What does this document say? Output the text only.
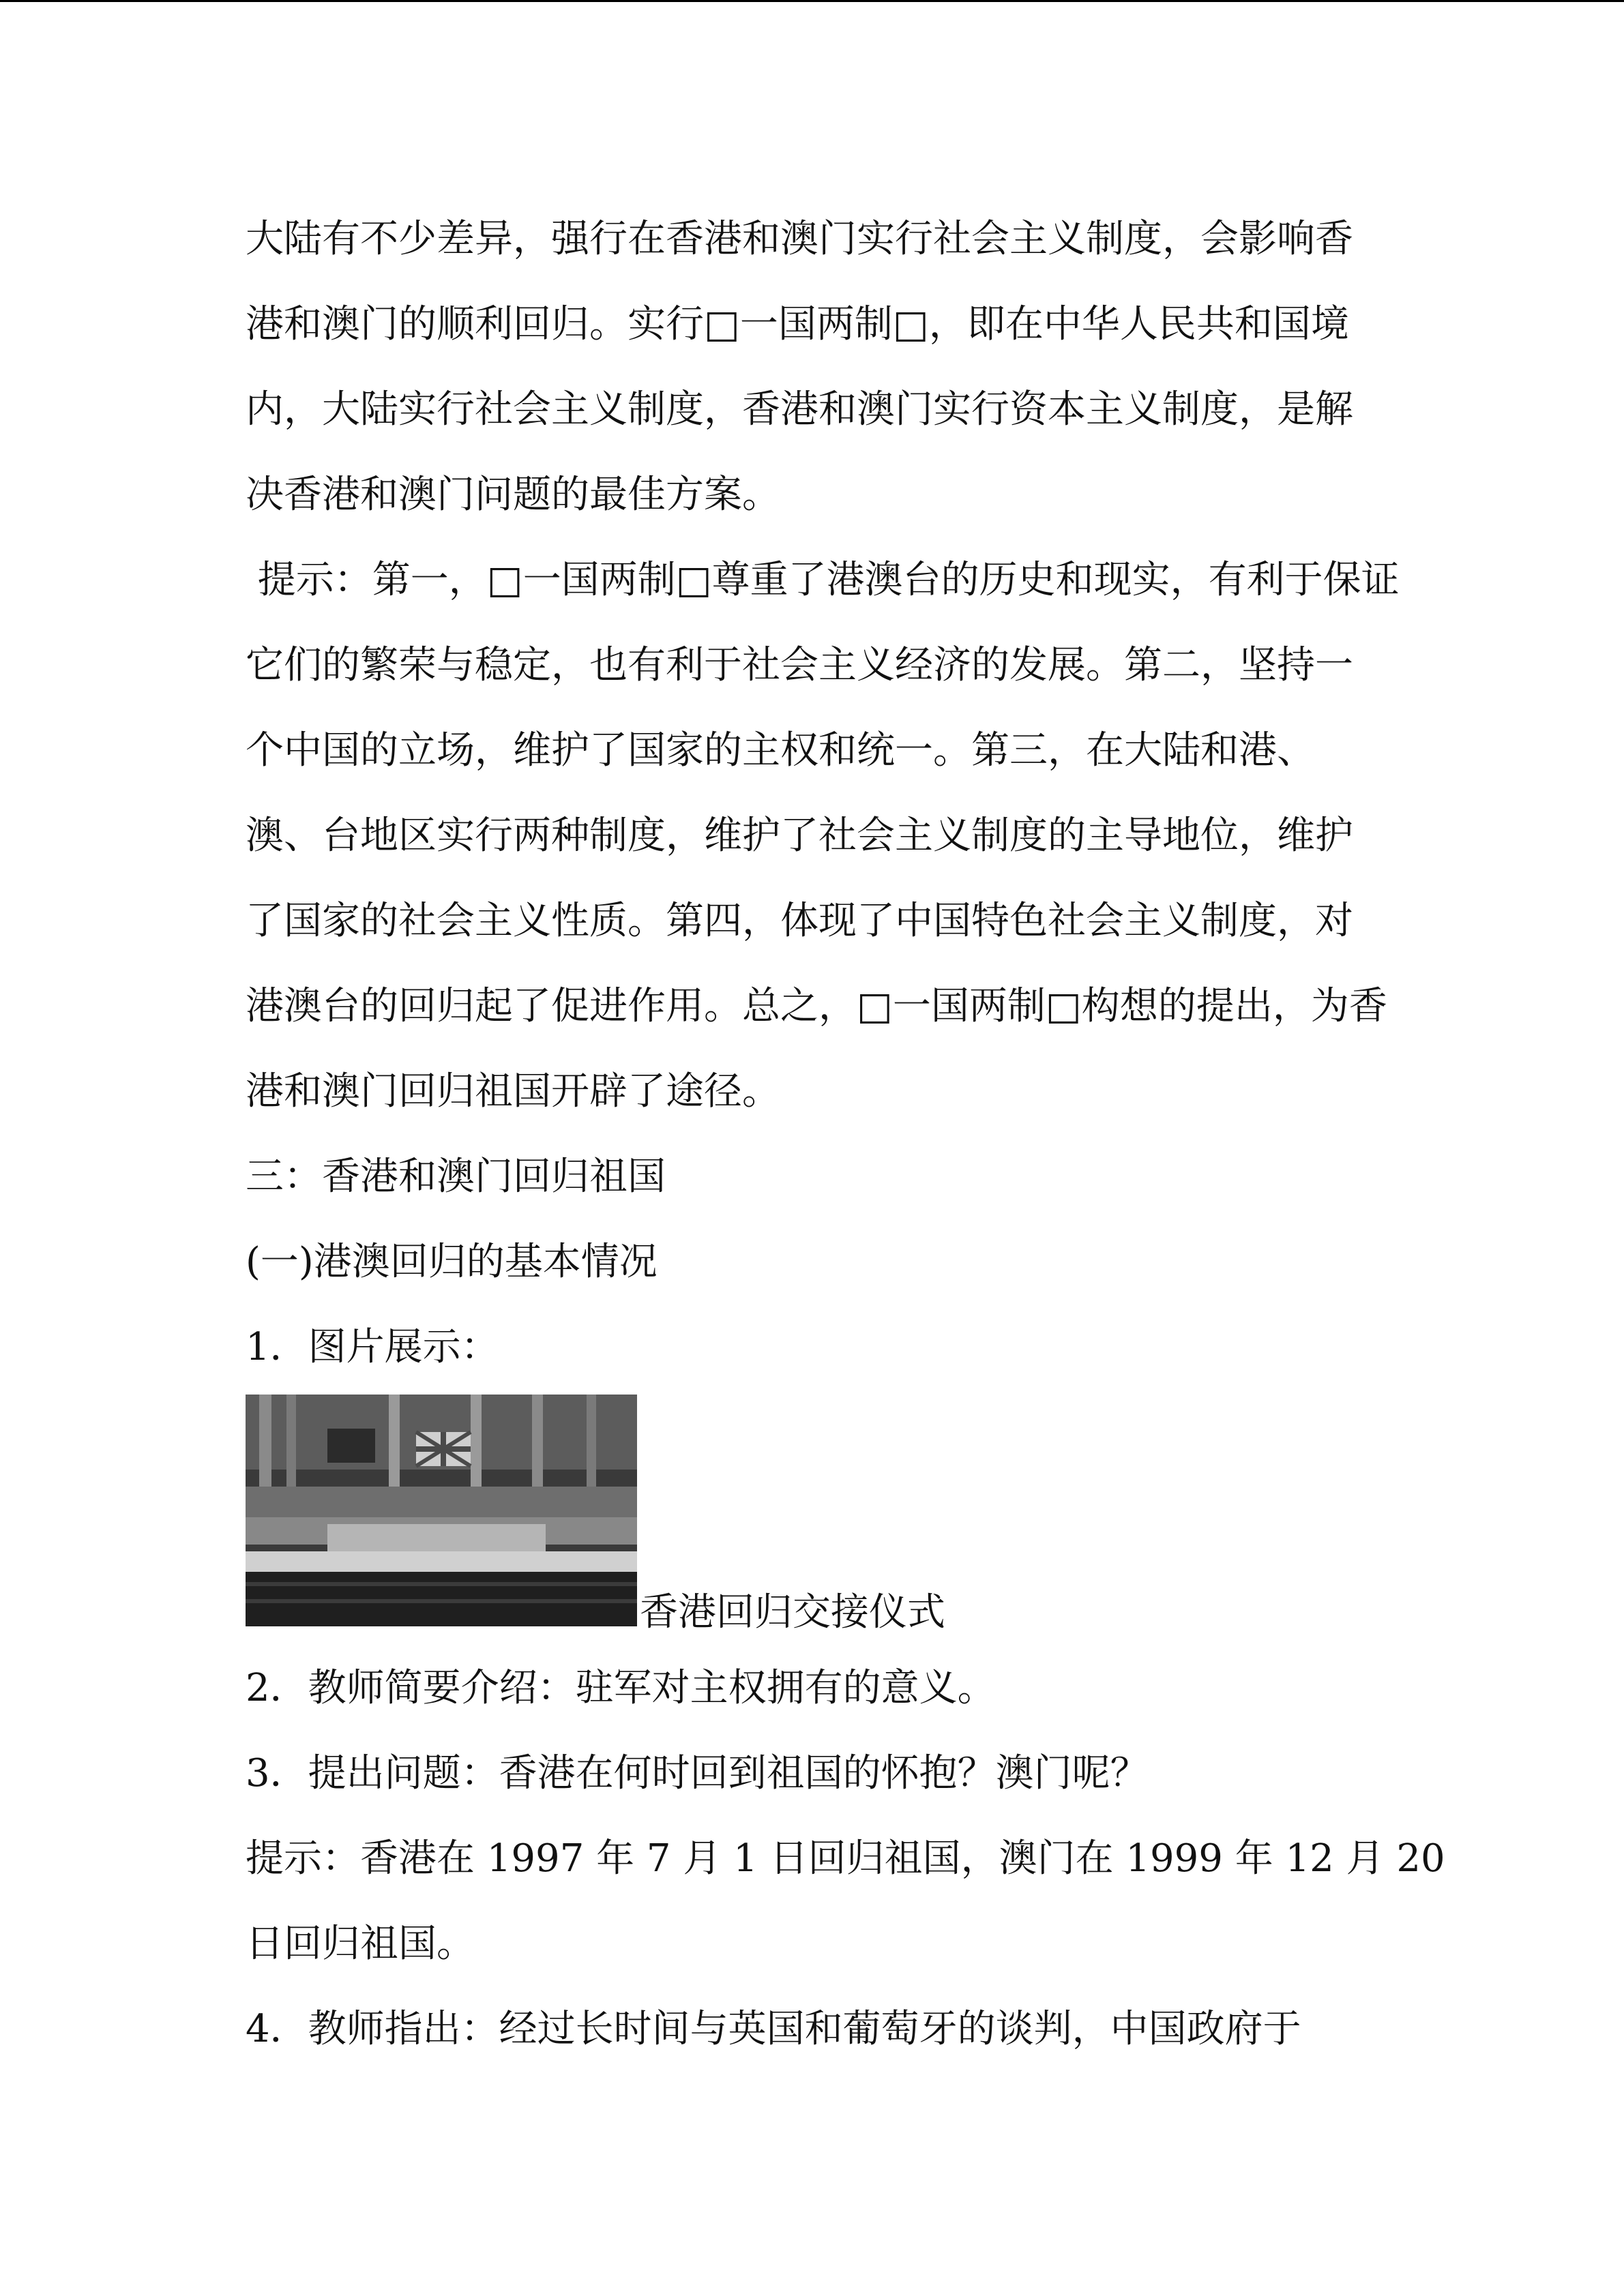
大陆有不少差异，强行在香港和澳门实行社会主义制度，会影响香
港和澳门的顺利回归。实行□一国两制□，即在中华人民共和国境
内，大陆实行社会主义制度，香港和澳门实行资本主义制度，是解
决香港和澳门问题的最佳方案。
提示：第一，□一国两制□尊重了港澳台的历史和现实，有利于保证
它们的繁荣与稳定，也有利于社会主义经济的发展。第二，坚持一
个中国的立场，维护了国家的主权和统一。第三，在大陆和港、
澳、台地区实行两种制度，维护了社会主义制度的主导地位，维护
了国家的社会主义性质。第四，体现了中国特色社会主义制度，对
港澳台的回归起了促进作用。总之，□一国两制□构想的提出，为香
港和澳门回归祖国开辟了途径。
三：香港和澳门回归祖国
(一)港澳回归的基本情况
1．图片展示：
香港回归交接仪式
2．教师简要介绍：驻军对主权拥有的意义。
3．提出问题：香港在何时回到祖国的怀抱？澳门呢？
提示：香港在 1997 年 7 月 1 日回归祖国，澳门在 1999 年 12 月 20
日回归祖国。
4．教师指出：经过长时间与英国和葡萄牙的谈判，中国政府于
